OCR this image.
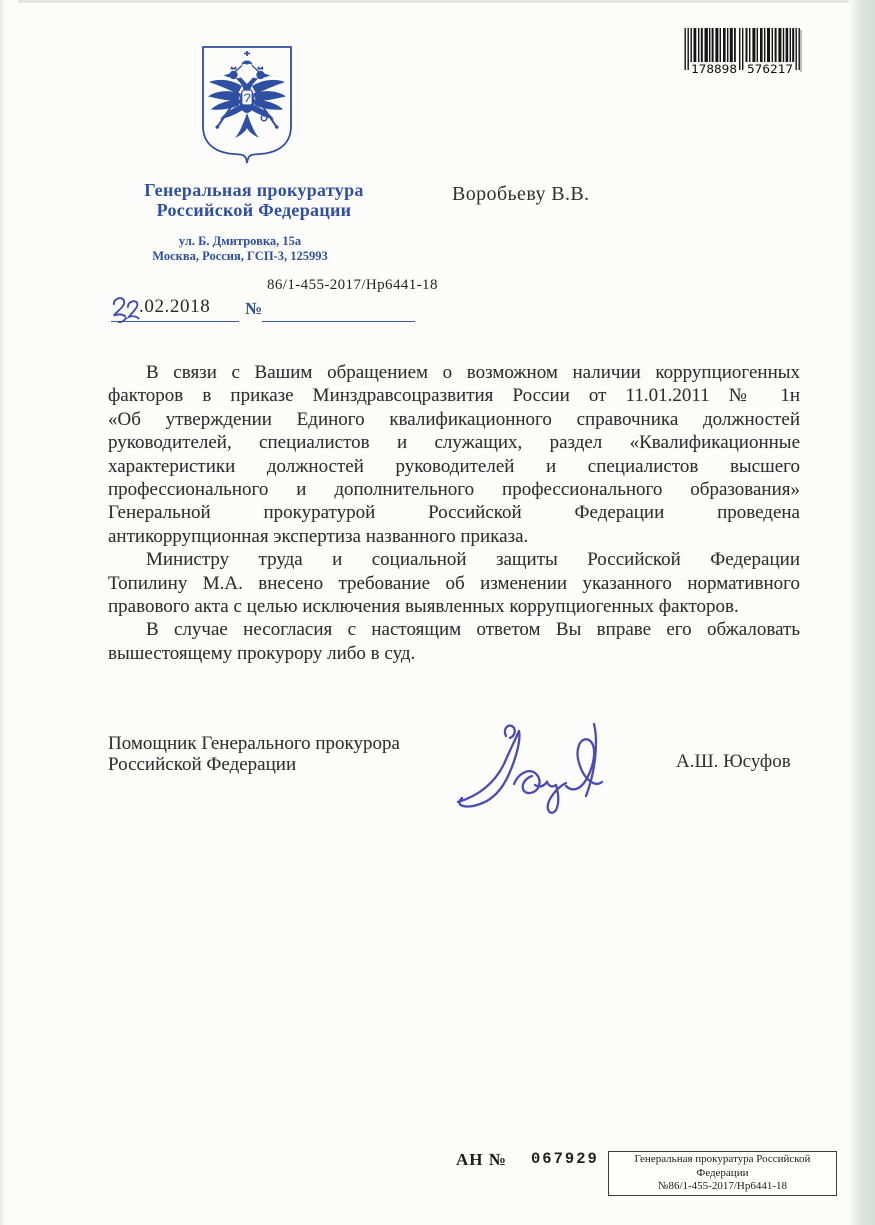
178898 576217
Генеральная прокуратура
Российской Федерации
ул. Б. Дмитровка, 15а
Москва, Россия, ГСП-3, 125993
86/1-455-2017/Нр6441-18
.02.2018 №
Воробьеву В.В.
В связи с Вашим обращением о возможном наличии коррупциогенных
факторов в приказе Минздравсоцразвития России от 11.01.2011 № 1н
«Об утверждении Единого квалификационного справочника должностей
руководителей, специалистов и служащих, раздел «Квалификационные
характеристики должностей руководителей и специалистов высшего
профессионального и дополнительного профессионального образования»
Генеральной прокуратурой Российской Федерации проведена
антикоррупционная экспертиза названного приказа.
Министру труда и социальной защиты Российской Федерации
Топилину М.А. внесено требование об изменении указанного нормативного
правового акта с целью исключения выявленных коррупциогенных факторов.
В случае несогласия с настоящим ответом Вы вправе его обжаловать
вышестоящему прокурору либо в суд.
Помощник Генерального прокурора
Российской Федерации	А.Ш. Юсуфов
АН № 067929	Генеральная прокуратура Российской
Федерации
№86/1-455-2017/Нр6441-18
